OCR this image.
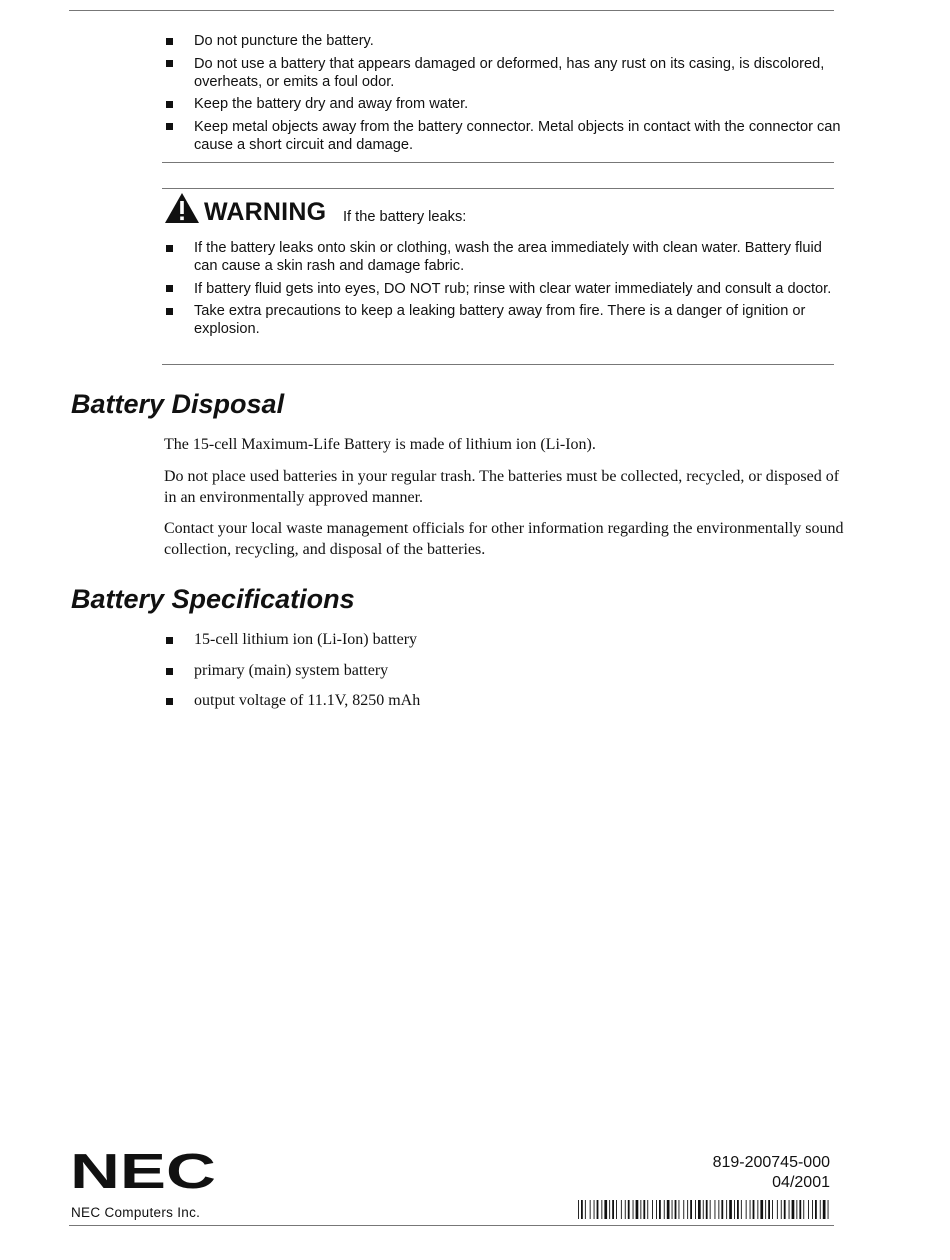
Do not puncture the battery.
Do not use a battery that appears damaged or deformed, has any rust on its casing, is discolored, overheats, or emits a foul odor.
Keep the battery dry and away from water.
Keep metal objects away from the battery connector. Metal objects in contact with the connector can cause a short circuit and damage.
WARNING If the battery leaks:
If the battery leaks onto skin or clothing, wash the area immediately with clean water. Battery fluid can cause a skin rash and damage fabric.
If battery fluid gets into eyes, DO NOT rub; rinse with clear water immediately and consult a doctor.
Take extra precautions to keep a leaking battery away from fire. There is a danger of ignition or explosion.
Battery Disposal

The 15-cell Maximum-Life Battery is made of lithium ion (Li-Ion).

Do not place used batteries in your regular trash. The batteries must be collected, recycled, or disposed of in an environmentally approved manner.

Contact your local waste management officials for other information regarding the environmentally sound collection, recycling, and disposal of the batteries.

Battery Specifications
15-cell lithium ion (Li-Ion) battery
primary (main) system battery
output voltage of 11.1V, 8250 mAh
NEC
NEC Computers Inc.
819-200745-000
04/2001
